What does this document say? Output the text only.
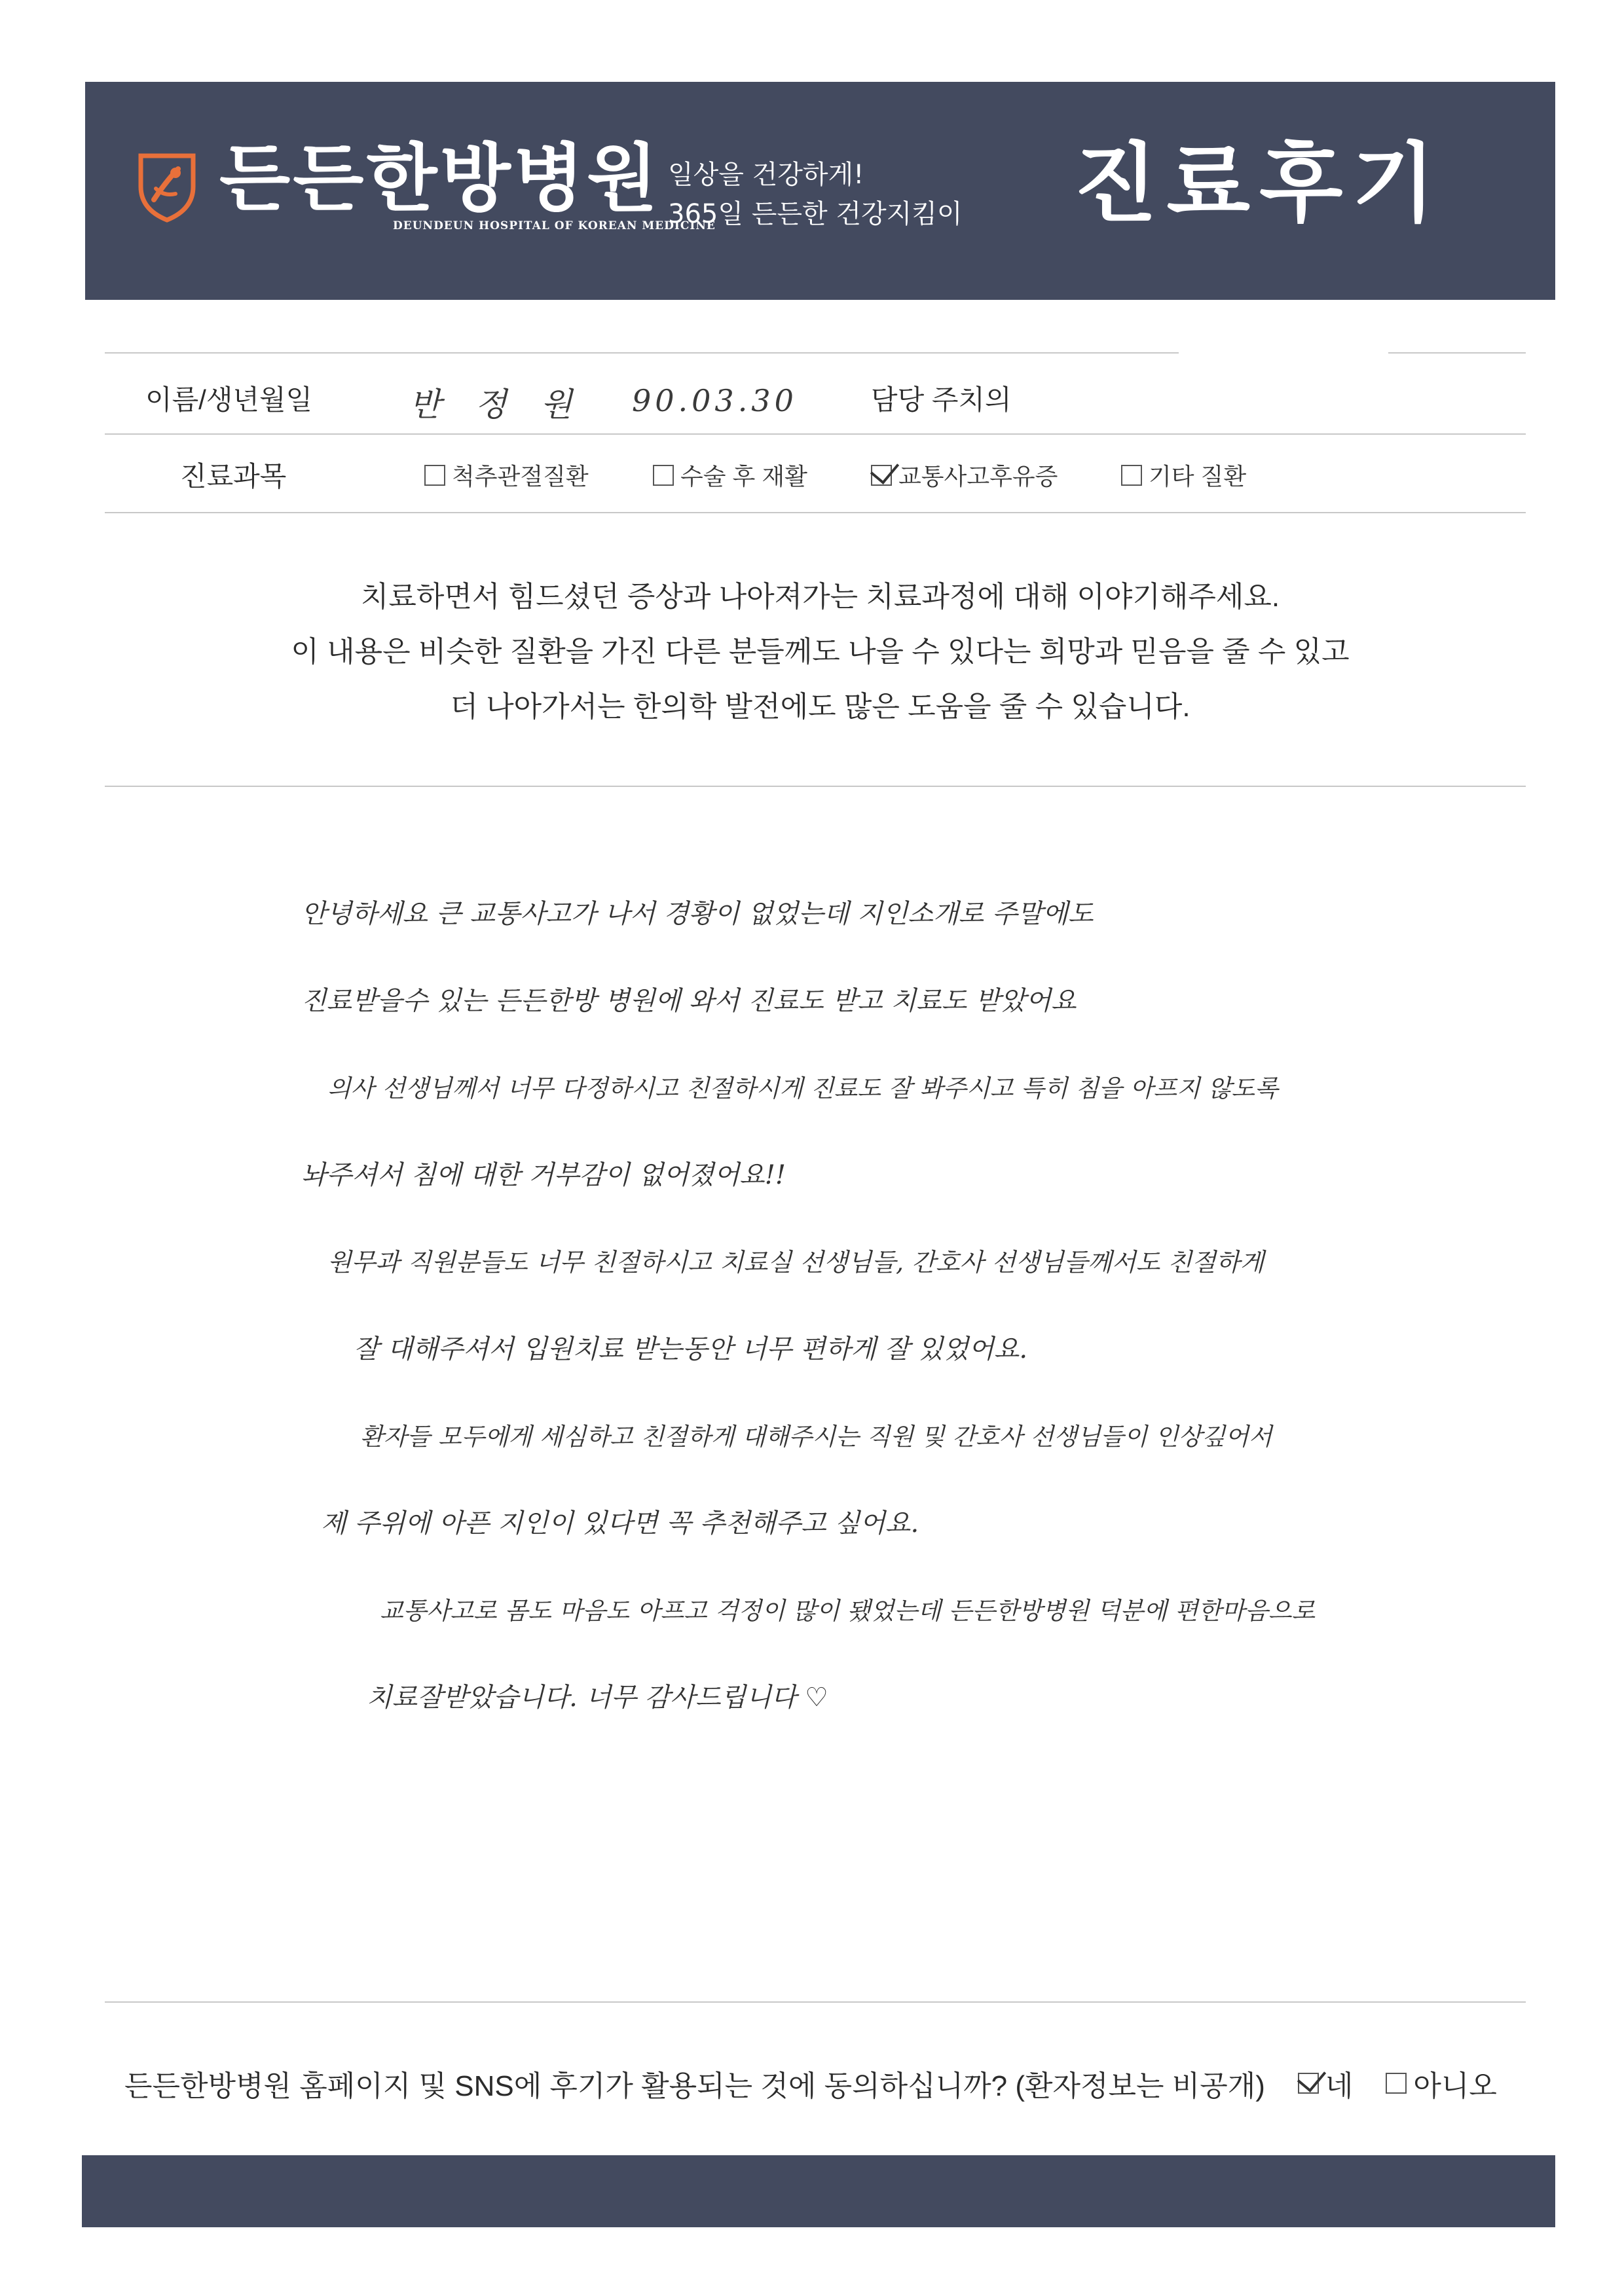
든든한방병원
DEUNDEUN HOSPITAL OF KOREAN MEDICINE
일상을 건강하게!
365일 든든한 건강지킴이 진료후기
이름/생년월일	반 정 원 90.03.30	담당 주치의
진료과목	척추관절질환	수술 후 재활	교통사고후유증	기타 질환
치료하면서 힘드셨던 증상과 나아져가는 치료과정에 대해 이야기해주세요.
이 내용은 비슷한 질환을 가진 다른 분들께도 나을 수 있다는 희망과 믿음을 줄 수 있고
더 나아가서는 한의학 발전에도 많은 도움을 줄 수 있습니다.
안녕하세요 큰 교통사고가 나서 경황이 없었는데 지인소개로 주말에도
진료받을수 있는 든든한방 병원에 와서 진료도 받고 치료도 받았어요
의사 선생님께서 너무 다정하시고 친절하시게 진료도 잘 봐주시고 특히 침을 아프지 않도록
놔주셔서 침에 대한 거부감이 없어졌어요!!
원무과 직원분들도 너무 친절하시고 치료실 선생님들, 간호사 선생님들께서도 친절하게
잘 대해주셔서 입원치료 받는동안 너무 편하게 잘 있었어요.
환자들 모두에게 세심하고 친절하게 대해주시는 직원 및 간호사 선생님들이 인상깊어서
제 주위에 아픈 지인이 있다면 꼭 추천해주고 싶어요.
교통사고로 몸도 마음도 아프고 걱정이 많이 됐었는데 든든한방병원 덕분에 편한마음으로
치료잘받았습니다. 너무 감사드립니다 ♡
든든한방병원 홈페이지 및 SNS에 후기가 활용되는 것에 동의하십니까? (환자정보는 비공개) 네 아니오
